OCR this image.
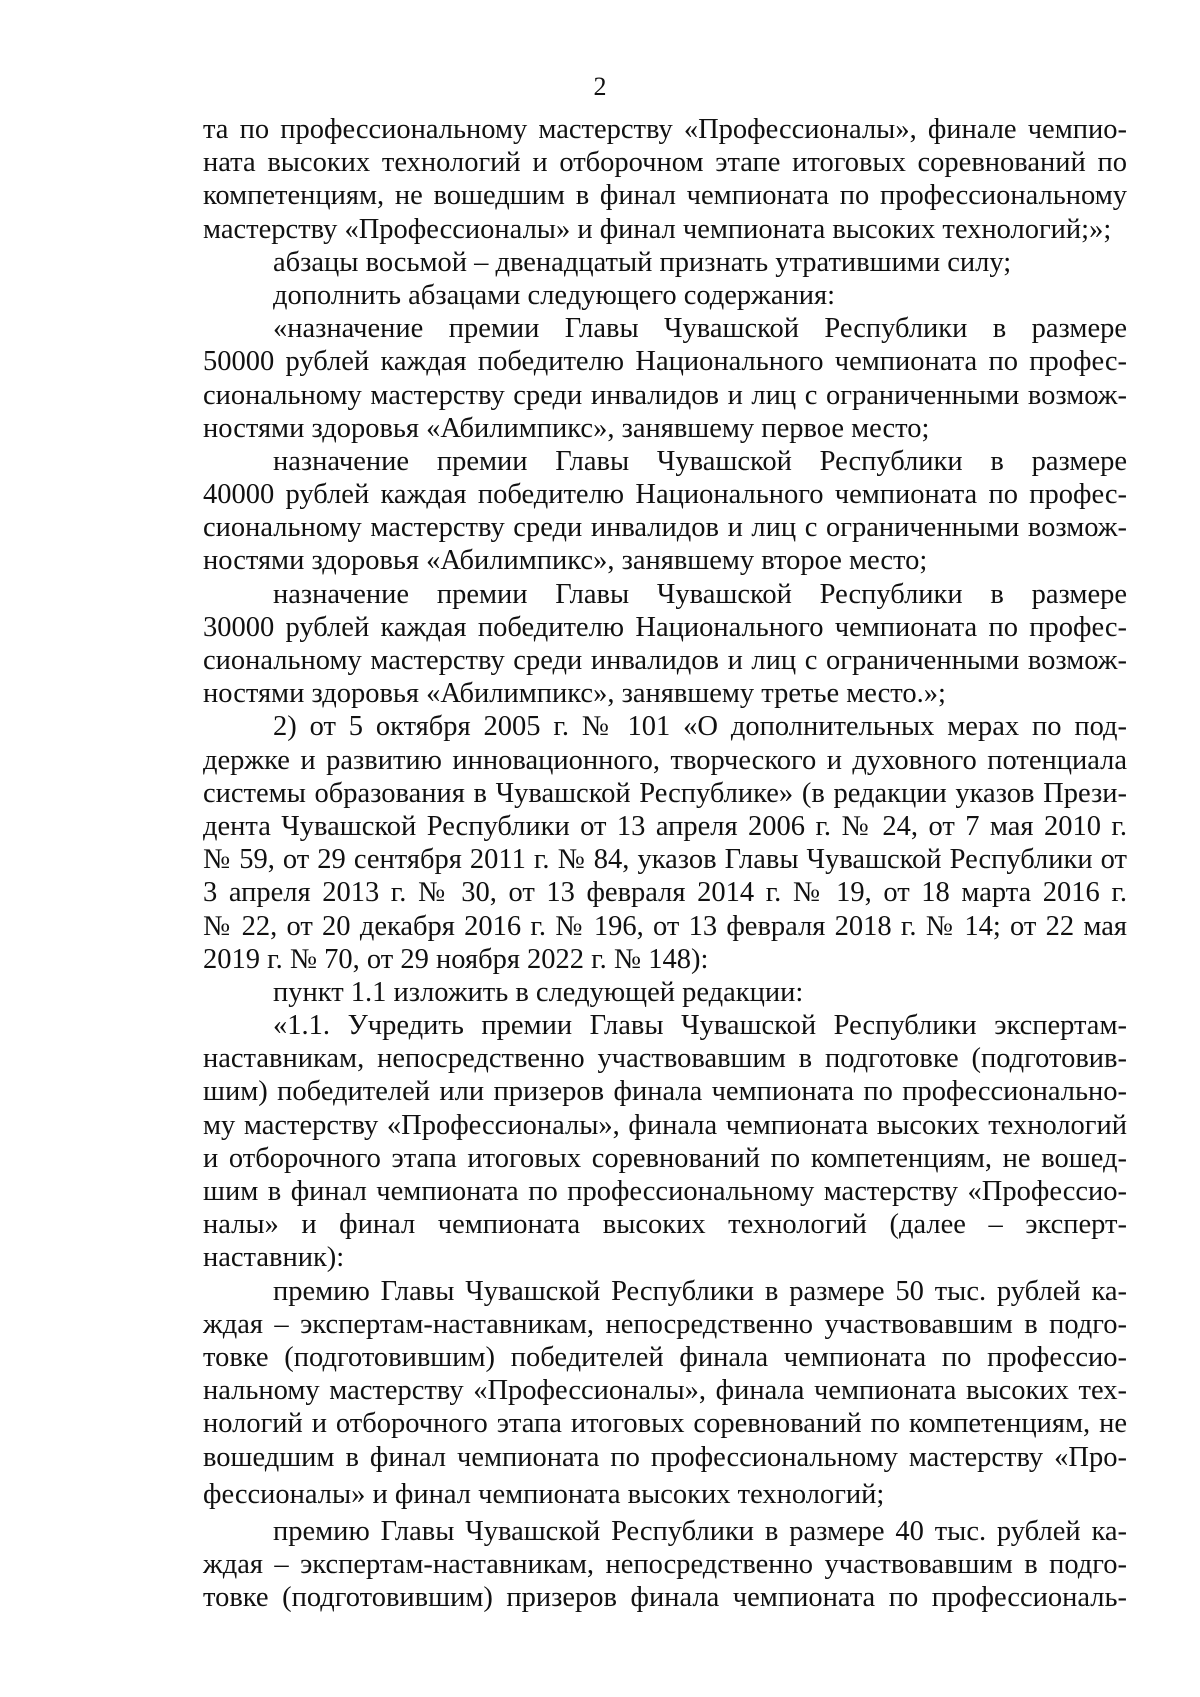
2
та по профессиональному мастерству «Профессионалы», финале чемпио-
ната высоких технологий и отборочном этапе итоговых соревнований по
компетенциям, не вошедшим в финал чемпионата по профессиональному
мастерству «Профессионалы» и финал чемпионата высоких технологий;»;
абзацы восьмой – двенадцатый признать утратившими силу;
дополнить абзацами следующего содержания:
«назначение премии Главы Чувашской Республики в размере
50000 рублей каждая победителю Национального чемпионата по профес-
сиональному мастерству среди инвалидов и лиц с ограниченными возмож-
ностями здоровья «Абилимпикс», занявшему первое место;
назначение премии Главы Чувашской Республики в размере
40000 рублей каждая победителю Национального чемпионата по профес-
сиональному мастерству среди инвалидов и лиц с ограниченными возмож-
ностями здоровья «Абилимпикс», занявшему второе место;
назначение премии Главы Чувашской Республики в размере
30000 рублей каждая победителю Национального чемпионата по профес-
сиональному мастерству среди инвалидов и лиц с ограниченными возмож-
ностями здоровья «Абилимпикс», занявшему третье место.»;
2) от 5 октября 2005 г. № 101 «О дополнительных мерах по под-
держке и развитию инновационного, творческого и духовного потенциала
системы образования в Чувашской Республике» (в редакции указов Прези-
дента Чувашской Республики от 13 апреля 2006 г. № 24, от 7 мая 2010 г.
№ 59, от 29 сентября 2011 г. № 84, указов Главы Чувашской Республики от
3 апреля 2013 г. № 30, от 13 февраля 2014 г. № 19, от 18 марта 2016 г.
№ 22, от 20 декабря 2016 г. № 196, от 13 февраля 2018 г. № 14; от 22 мая
2019 г. № 70, от 29 ноября 2022 г. № 148):
пункт 1.1 изложить в следующей редакции:
«1.1. Учредить премии Главы Чувашской Республики экспертам-
наставникам, непосредственно участвовавшим в подготовке (подготовив-
шим) победителей или призеров финала чемпионата по профессионально-
му мастерству «Профессионалы», финала чемпионата высоких технологий
и отборочного этапа итоговых соревнований по компетенциям, не вошед-
шим в финал чемпионата по профессиональному мастерству «Профессио-
налы» и финал чемпионата высоких технологий (далее – эксперт-
наставник):
премию Главы Чувашской Республики в размере 50 тыс. рублей ка-
ждая – экспертам-наставникам, непосредственно участвовавшим в подго-
товке (подготовившим) победителей финала чемпионата по профессио-
нальному мастерству «Профессионалы», финала чемпионата высоких тех-
нологий и отборочного этапа итоговых соревнований по компетенциям, не
вошедшим в финал чемпионата по профессиональному мастерству «Про-
фессионалы» и финал чемпионата высоких технологий;
премию Главы Чувашской Республики в размере 40 тыс. рублей ка-
ждая – экспертам-наставникам, непосредственно участвовавшим в подго-
товке (подготовившим) призеров финала чемпионата по профессиональ-
